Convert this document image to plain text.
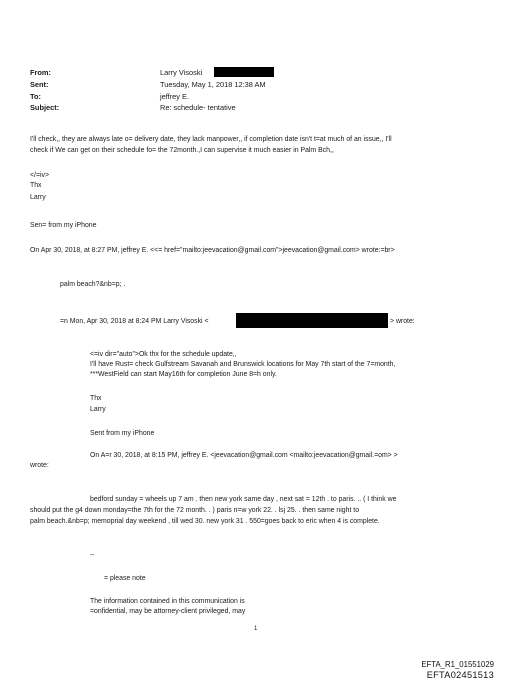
From:
Sent:
To:
Subject:
Larry Visoski
Tuesday, May 1, 2018 12:38 AM
jeffrey E.
Re: schedule- tentative
I'll check,, they are always late o= delivery date, they lack manpower,, if completion date isn't t=at much of an issue,, I'll
check if We can get on their schedule fo= the 72month.,I can supervise it much easier in Palm Bch,,
</=iv>
Thx
Larry
Sen= from my iPhone
On Apr 30, 2018, at 8:27 PM, jeffrey E. <<= href="mailto:jeevacation@gmail.com">jeevacation@gmail.com> wrote:=br>
palm beach?&nb=p; .
=n Mon, Apr 30, 2018 at 8:24 PM Larry Visoski <	> wrote:
<=iv dir="auto">Ok thx for the schedule update,,
I'll have Rust= check Gulfstream Savanah and Brunswick locations for May 7th start of the 7=month,
***WestField can start May16th for completion June 8=h only.
Thx
Larry
Sent from my iPhone
On A=r 30, 2018, at 8:15 PM, jeffrey E. <jeevacation@gmail.com <mailto:jeevacation@gmail.=om> >
wrote:
bedford sunday = wheels up 7 am . then new york same day , next sat = 12th . to paris. .. ( I think we
should put the g4 down monday=the 7th for the 72 month. . ) paris n=w york 22. . lsj 25. . then same night to
palm beach.&nb=p; memoprial day weekend , till wed 30. new york 31 . 550=goes back to eric when 4 is complete.
--
= please note
The information contained in this communication is
=onfidential, may be attorney-client privileged, may
1
EFTA_R1_01551029
EFTA02451513
